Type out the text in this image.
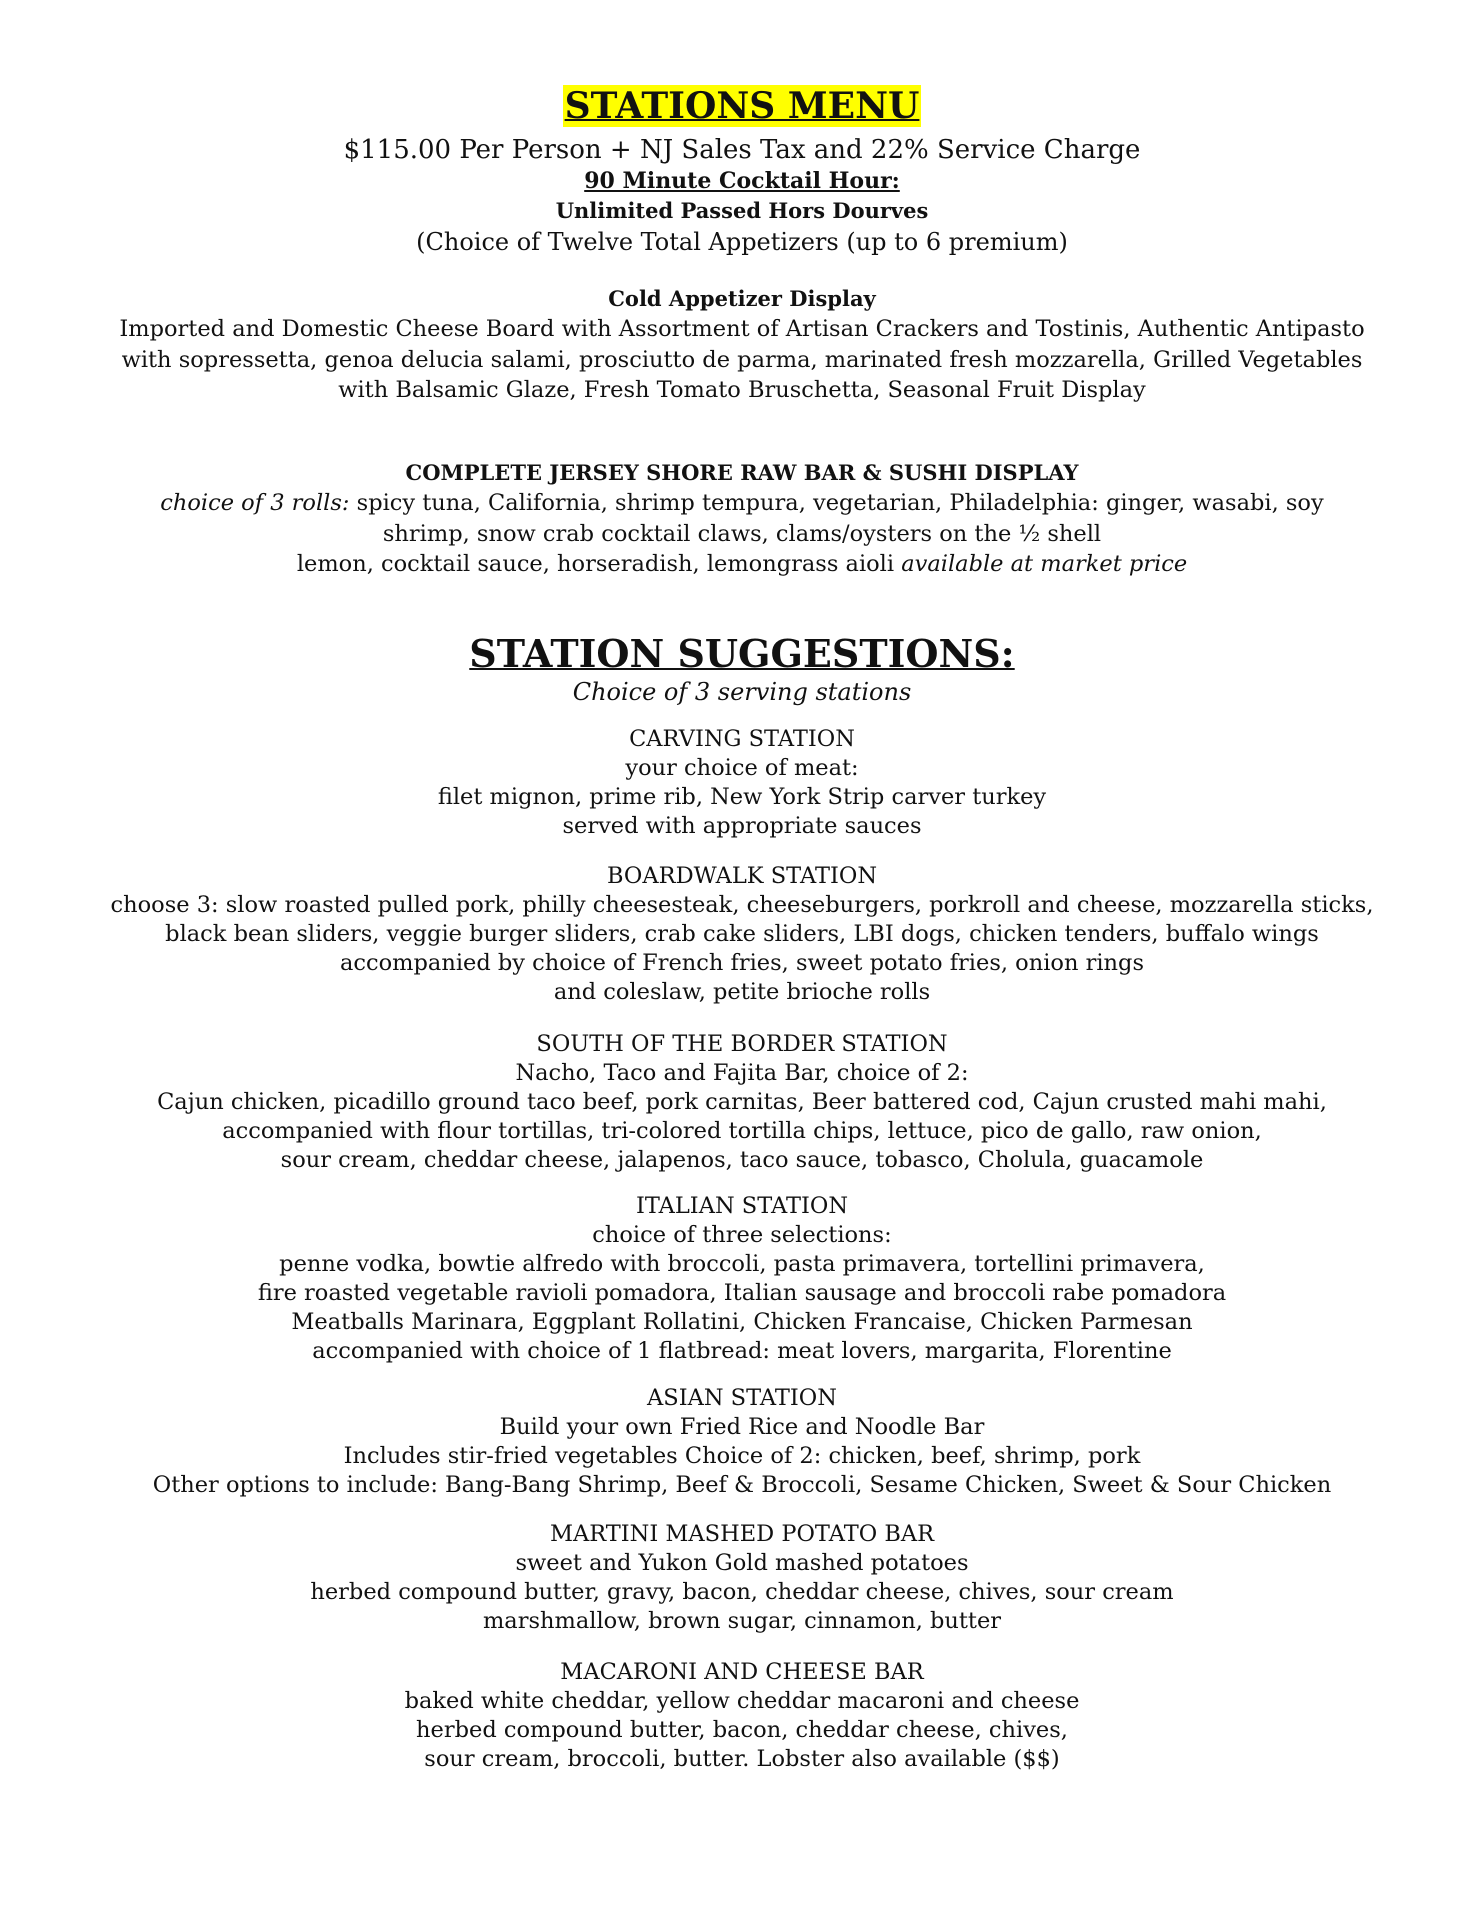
STATIONS MENU
$115.00 Per Person + NJ Sales Tax and 22% Service Charge
90 Minute Cocktail Hour:
Unlimited Passed Hors Dourves
(Choice of Twelve Total Appetizers (up to 6 premium)
Cold Appetizer Display
Imported and Domestic Cheese Board with Assortment of Artisan Crackers and Tostinis, Authentic Antipasto
with sopressetta, genoa delucia salami, prosciutto de parma, marinated fresh mozzarella, Grilled Vegetables
with Balsamic Glaze, Fresh Tomato Bruschetta, Seasonal Fruit Display
COMPLETE JERSEY SHORE RAW BAR & SUSHI DISPLAY
choice of 3 rolls: spicy tuna, California, shrimp tempura, vegetarian, Philadelphia: ginger, wasabi, soy
shrimp, snow crab cocktail claws, clams/oysters on the ½ shell
lemon, cocktail sauce, horseradish, lemongrass aioli available at market price
STATION SUGGESTIONS:
Choice of 3 serving stations
CARVING STATION
your choice of meat:
filet mignon, prime rib, New York Strip carver turkey
served with appropriate sauces
BOARDWALK STATION
choose 3: slow roasted pulled pork, philly cheesesteak, cheeseburgers, porkroll and cheese, mozzarella sticks,
black bean sliders, veggie burger sliders, crab cake sliders, LBI dogs, chicken tenders, buffalo wings
accompanied by choice of French fries, sweet potato fries, onion rings
and coleslaw, petite brioche rolls
SOUTH OF THE BORDER STATION
Nacho, Taco and Fajita Bar, choice of 2:
Cajun chicken, picadillo ground taco beef, pork carnitas, Beer battered cod, Cajun crusted mahi mahi,
accompanied with flour tortillas, tri-colored tortilla chips, lettuce, pico de gallo, raw onion,
sour cream, cheddar cheese, jalapenos, taco sauce, tobasco, Cholula, guacamole
ITALIAN STATION
choice of three selections:
penne vodka, bowtie alfredo with broccoli, pasta primavera, tortellini primavera,
fire roasted vegetable ravioli pomadora, Italian sausage and broccoli rabe pomadora
Meatballs Marinara, Eggplant Rollatini, Chicken Francaise, Chicken Parmesan
accompanied with choice of 1 flatbread: meat lovers, margarita, Florentine
ASIAN STATION
Build your own Fried Rice and Noodle Bar
Includes stir-fried vegetables Choice of 2: chicken, beef, shrimp, pork
Other options to include: Bang-Bang Shrimp, Beef & Broccoli, Sesame Chicken, Sweet & Sour Chicken
MARTINI MASHED POTATO BAR
sweet and Yukon Gold mashed potatoes
herbed compound butter, gravy, bacon, cheddar cheese, chives, sour cream
marshmallow, brown sugar, cinnamon, butter
MACARONI AND CHEESE BAR
baked white cheddar, yellow cheddar macaroni and cheese
herbed compound butter, bacon, cheddar cheese, chives,
sour cream, broccoli, butter. Lobster also available ($$)
